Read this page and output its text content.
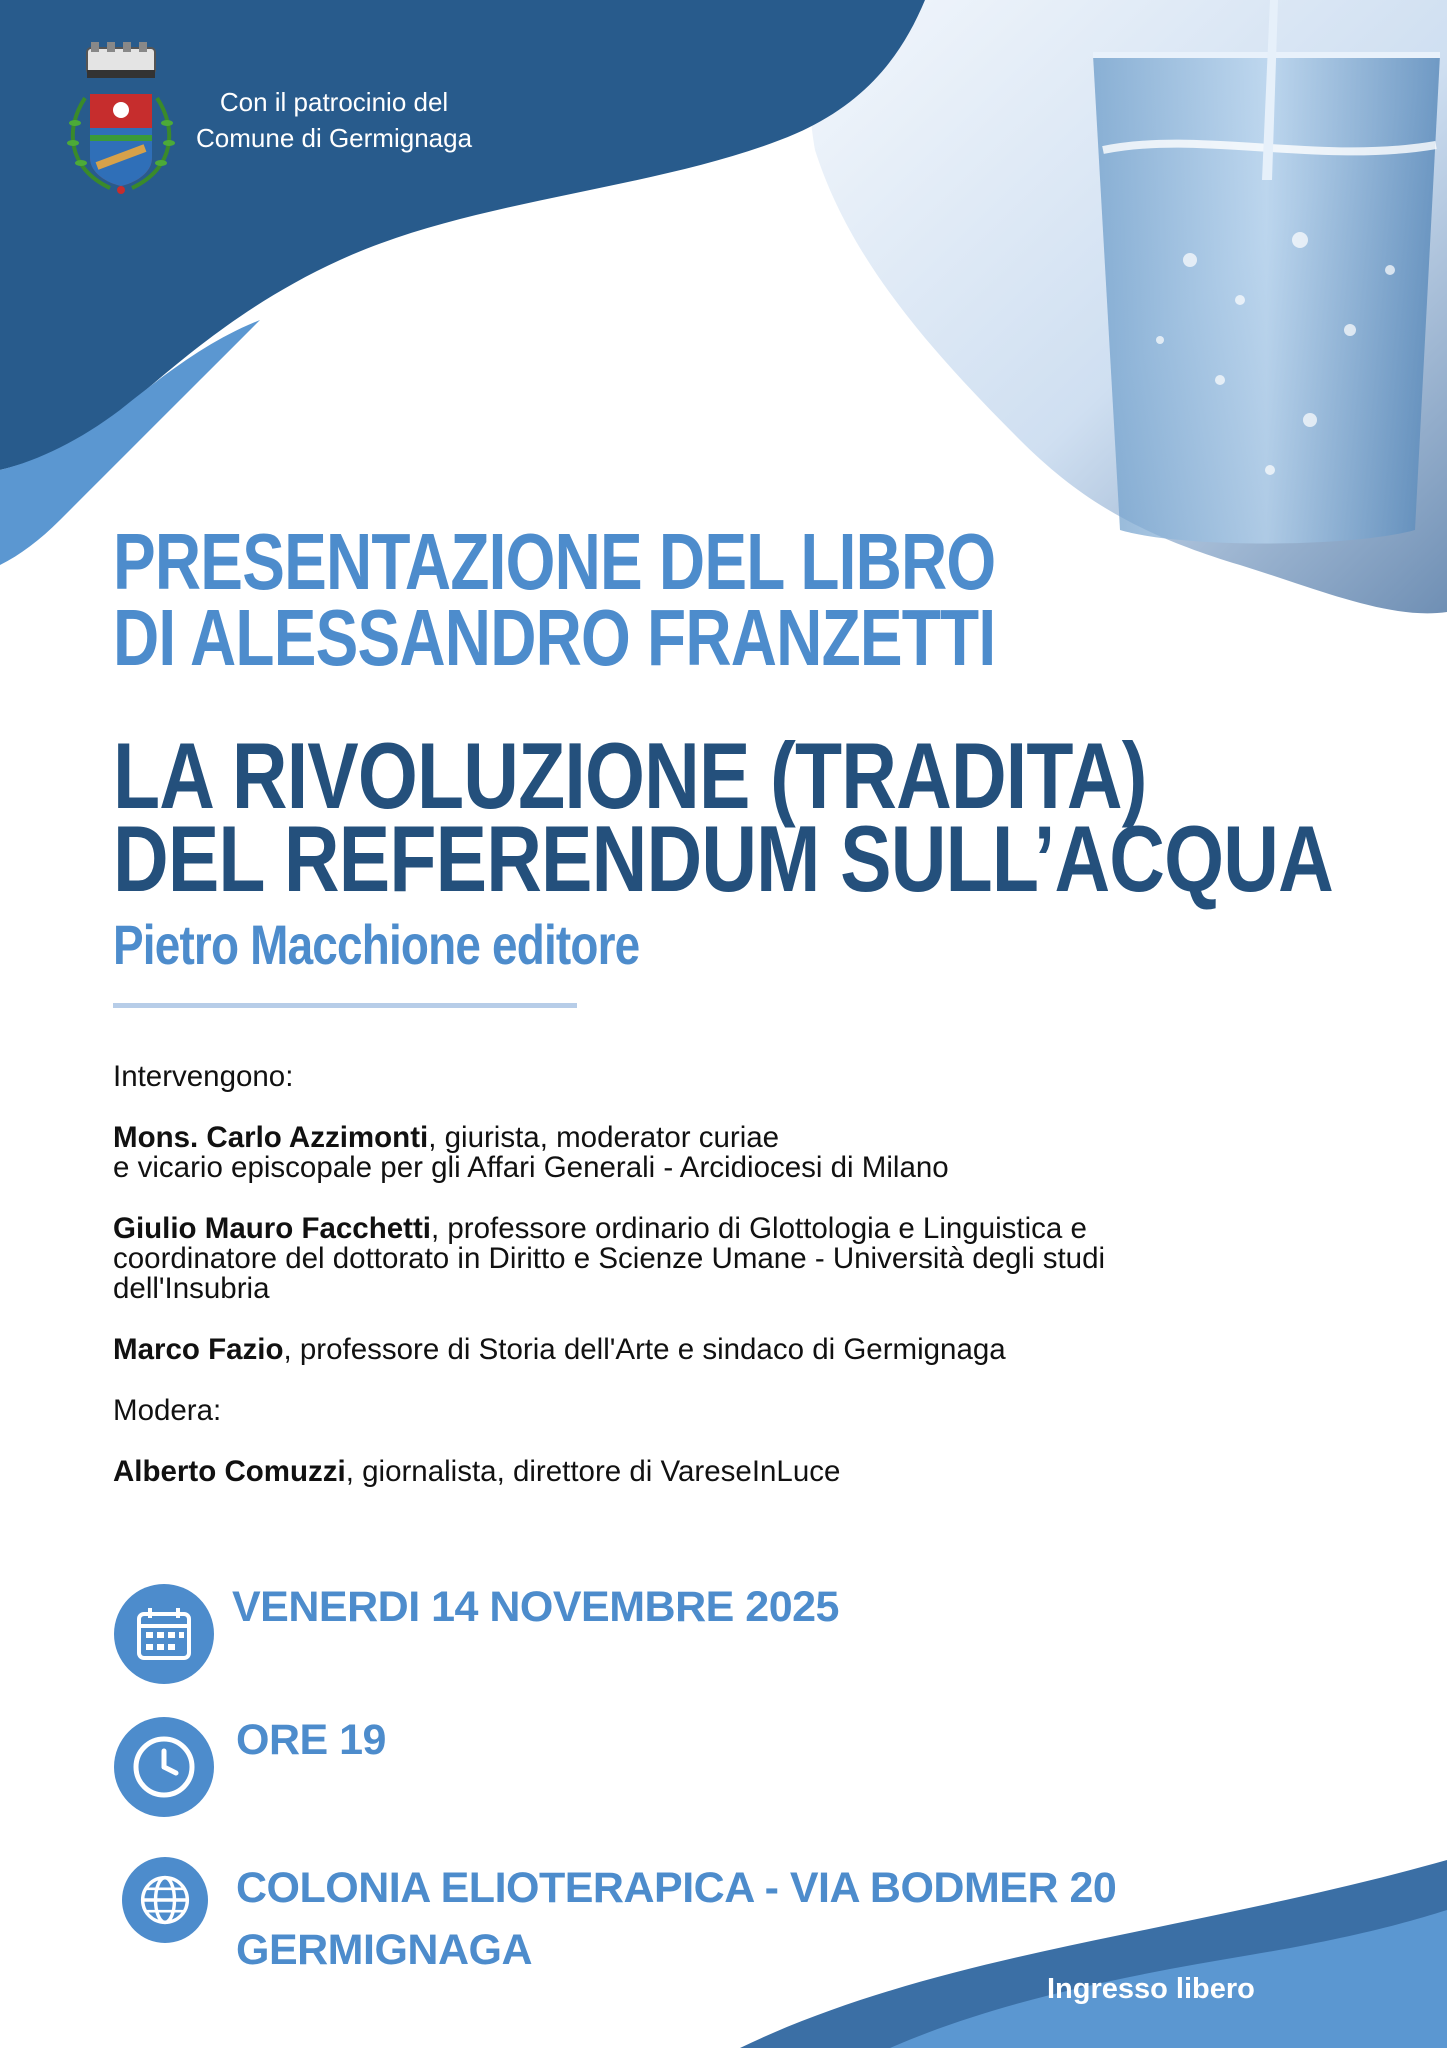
Con il patrocinio del
Comune di Germignaga
PRESENTAZIONE DEL LIBRO
DI ALESSANDRO FRANZETTI
LA RIVOLUZIONE (TRADITA)
DEL REFERENDUM SULL’ACQUA
Pietro Macchione editore

Intervengono:

Mons. Carlo Azzimonti, giurista, moderator curiae
e vicario episcopale per gli Affari Generali - Arcidiocesi di Milano

Giulio Mauro Facchetti, professore ordinario di Glottologia e Linguistica e
coordinatore del dottorato in Diritto e Scienze Umane - Università degli studi
dell'Insubria

Marco Fazio, professore di Storia dell'Arte e sindaco di Germignaga

Modera:

Alberto Comuzzi, giornalista, direttore di VareseInLuce

VENERDI 14 NOVEMBRE 2025
ORE 19
COLONIA ELIOTERAPICA - VIA BODMER 20
GERMIGNAGA
Ingresso libero
